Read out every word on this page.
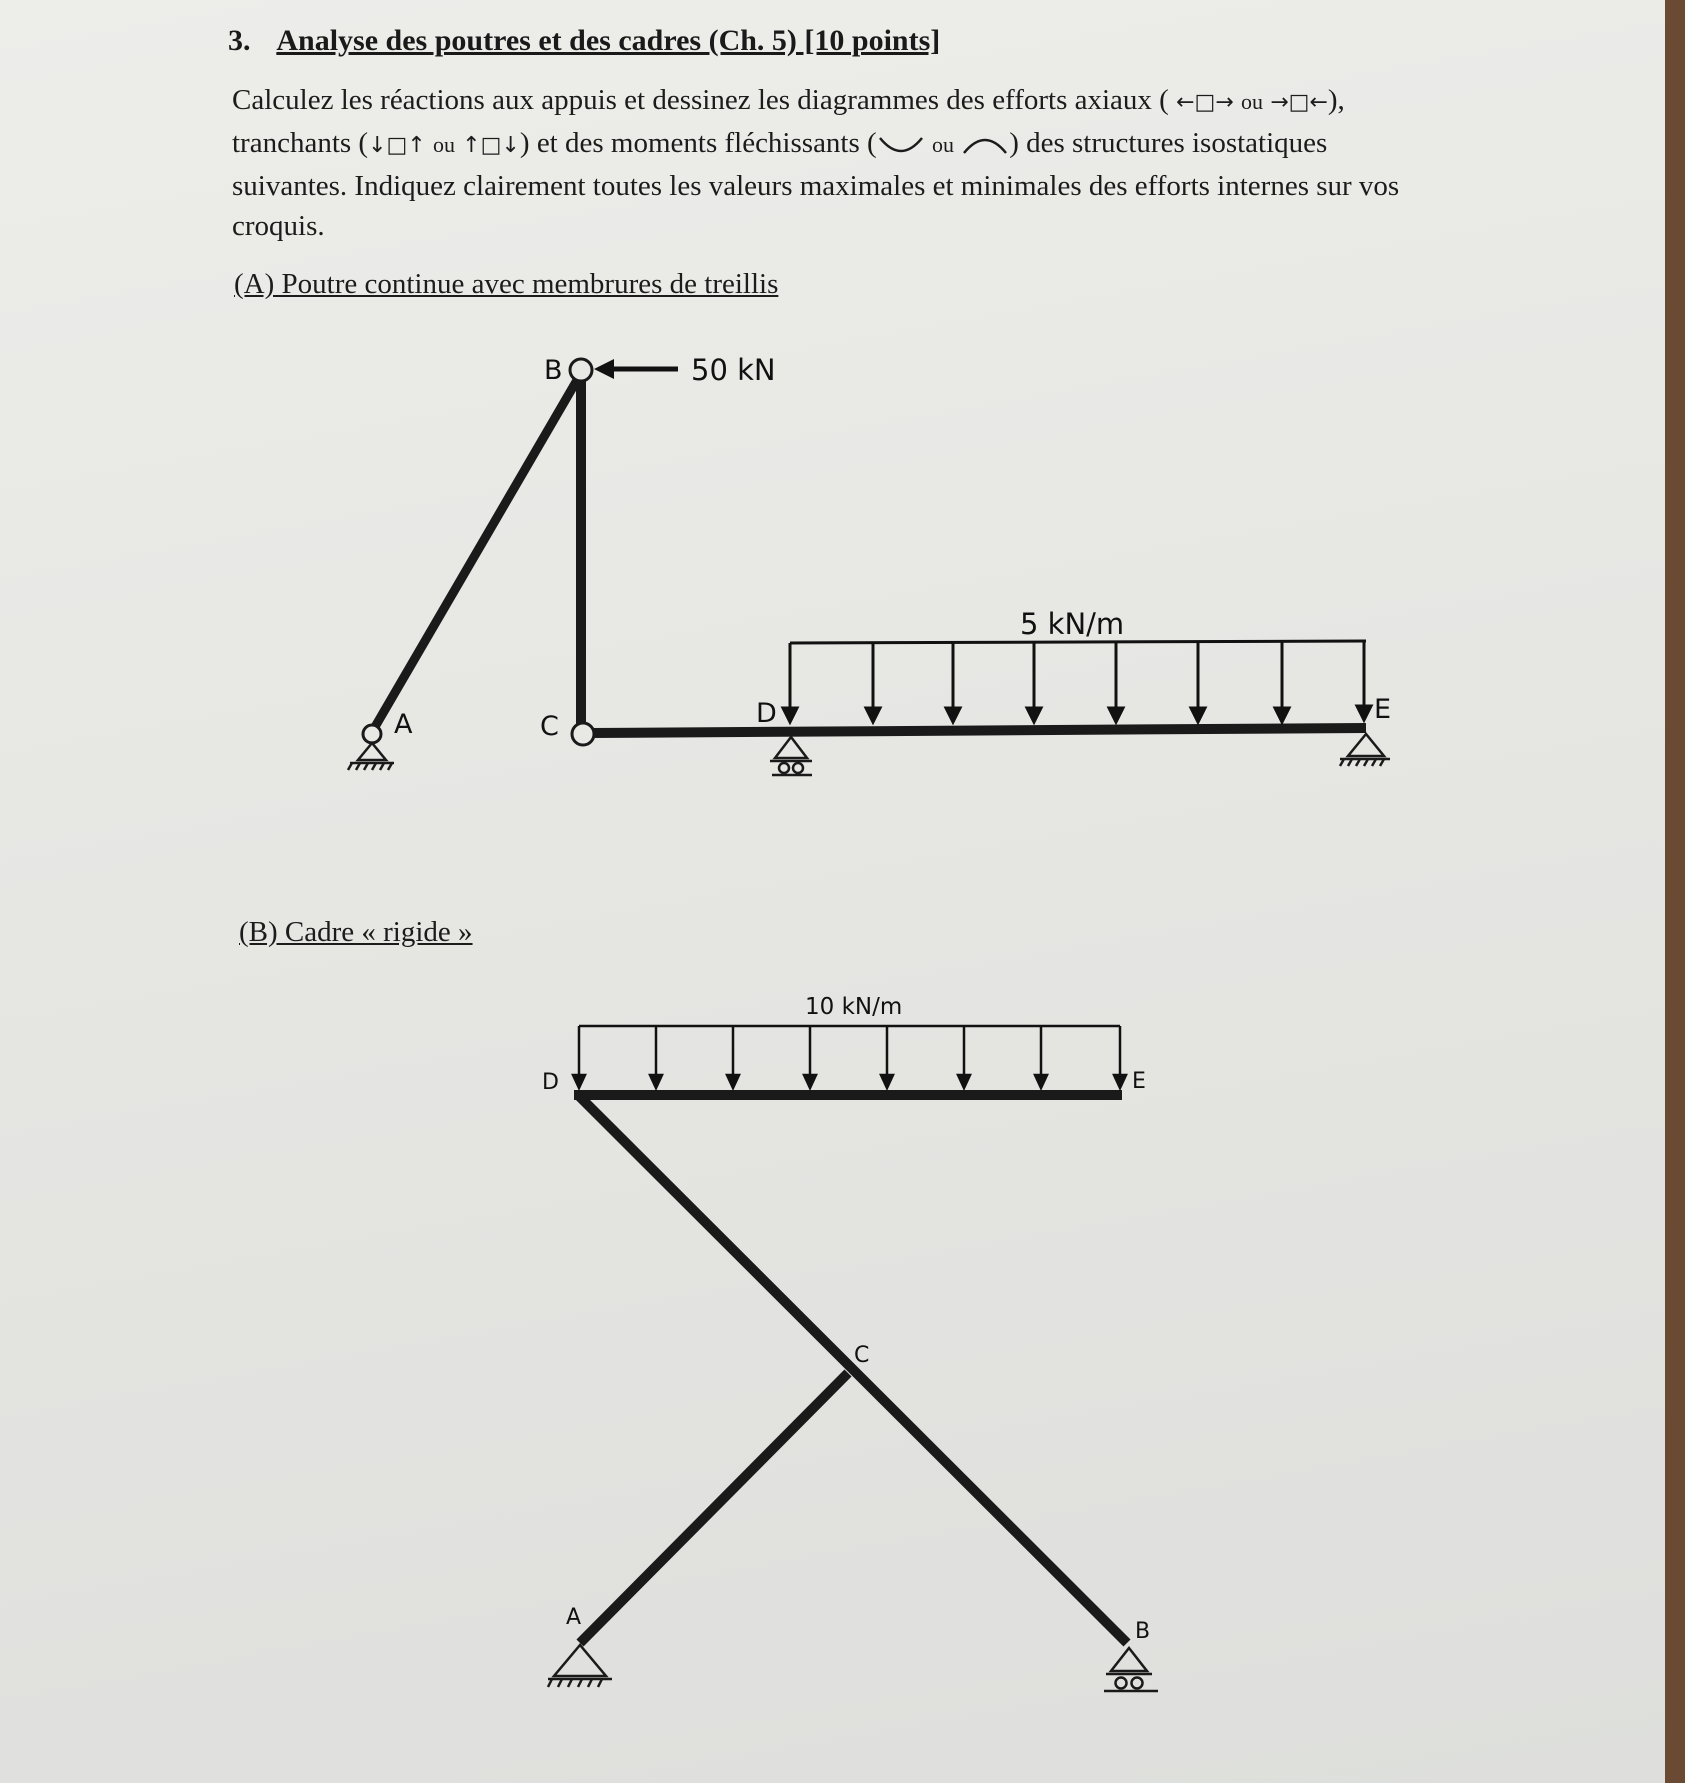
3. Analyse des poutres et des cadres (Ch. 5) [10 points]
Calculez les réactions aux appuis et dessinez les diagrammes des efforts axiaux ( ←□→ ou →□←), tranchants (↓□↑ ou ↑□↓) et des moments fléchissants (	ou ) des structures isostatiques suivantes. Indiquez clairement toutes les valeurs maximales et minimales des efforts internes sur vos croquis.
(A) Poutre continue avec membrures de treillis
(B) Cadre « rigide »
B	50 kN
5 kN/m
A	C	D	E
10 kN/m
D	E
C
A
B
